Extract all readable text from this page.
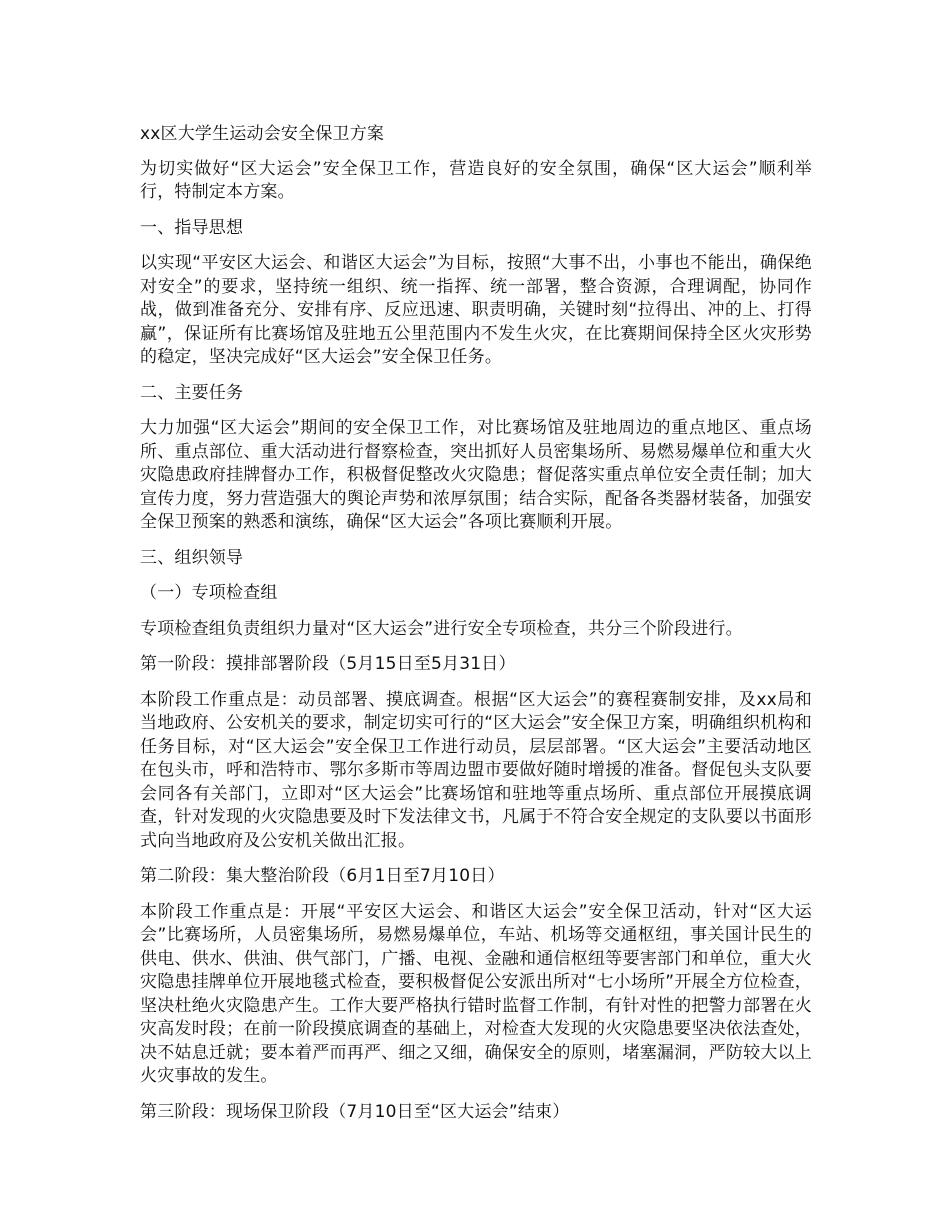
xx区大学生运动会安全保卫方案

为切实做好“区大运会”安全保卫工作，营造良好的安全氛围，确保“区大运会”顺利举行，特制定本方案。

一、指导思想

以实现“平安区大运会、和谐区大运会”为目标，按照“大事不出，小事也不能出，确保绝对安全”的要求，坚持统一组织、统一指挥、统一部署，整合资源，合理调配，协同作战，做到准备充分、安排有序、反应迅速、职责明确，关键时刻“拉得出、冲的上、打得赢”，保证所有比赛场馆及驻地五公里范围内不发生火灾，在比赛期间保持全区火灾形势的稳定，坚决完成好“区大运会”安全保卫任务。

二、主要任务

大力加强“区大运会”期间的安全保卫工作，对比赛场馆及驻地周边的重点地区、重点场所、重点部位、重大活动进行督察检查，突出抓好人员密集场所、易燃易爆单位和重大火灾隐患政府挂牌督办工作，积极督促整改火灾隐患；督促落实重点单位安全责任制；加大宣传力度，努力营造强大的舆论声势和浓厚氛围；结合实际，配备各类器材装备，加强安全保卫预案的熟悉和演练，确保“区大运会”各项比赛顺利开展。

三、组织领导

（一）专项检查组

专项检查组负责组织力量对“区大运会”进行安全专项检查，共分三个阶段进行。

第一阶段：摸排部署阶段（5月15日至5月31日）

本阶段工作重点是：动员部署、摸底调查。根据“区大运会”的赛程赛制安排，及xx局和当地政府、公安机关的要求，制定切实可行的“区大运会”安全保卫方案，明确组织机构和任务目标，对“区大运会”安全保卫工作进行动员，层层部署。“区大运会”主要活动地区在包头市，呼和浩特市、鄂尔多斯市等周边盟市要做好随时增援的准备。督促包头支队要会同各有关部门，立即对“区大运会”比赛场馆和驻地等重点场所、重点部位开展摸底调查，针对发现的火灾隐患要及时下发法律文书，凡属于不符合安全规定的支队要以书面形式向当地政府及公安机关做出汇报。

第二阶段：集大整治阶段（6月1日至7月10日）

本阶段工作重点是：开展“平安区大运会、和谐区大运会”安全保卫活动，针对“区大运会”比赛场所，人员密集场所，易燃易爆单位，车站、机场等交通枢纽，事关国计民生的供电、供水、供油、供气部门，广播、电视、金融和通信枢纽等要害部门和单位，重大火灾隐患挂牌单位开展地毯式检查，要积极督促公安派出所对“七小场所”开展全方位检查，坚决杜绝火灾隐患产生。工作大要严格执行错时监督工作制，有针对性的把警力部署在火灾高发时段；在前一阶段摸底调查的基础上，对检查大发现的火灾隐患要坚决依法查处，决不姑息迁就；要本着严而再严、细之又细，确保安全的原则，堵塞漏洞，严防较大以上火灾事故的发生。

第三阶段：现场保卫阶段（7月10日至“区大运会”结束）
